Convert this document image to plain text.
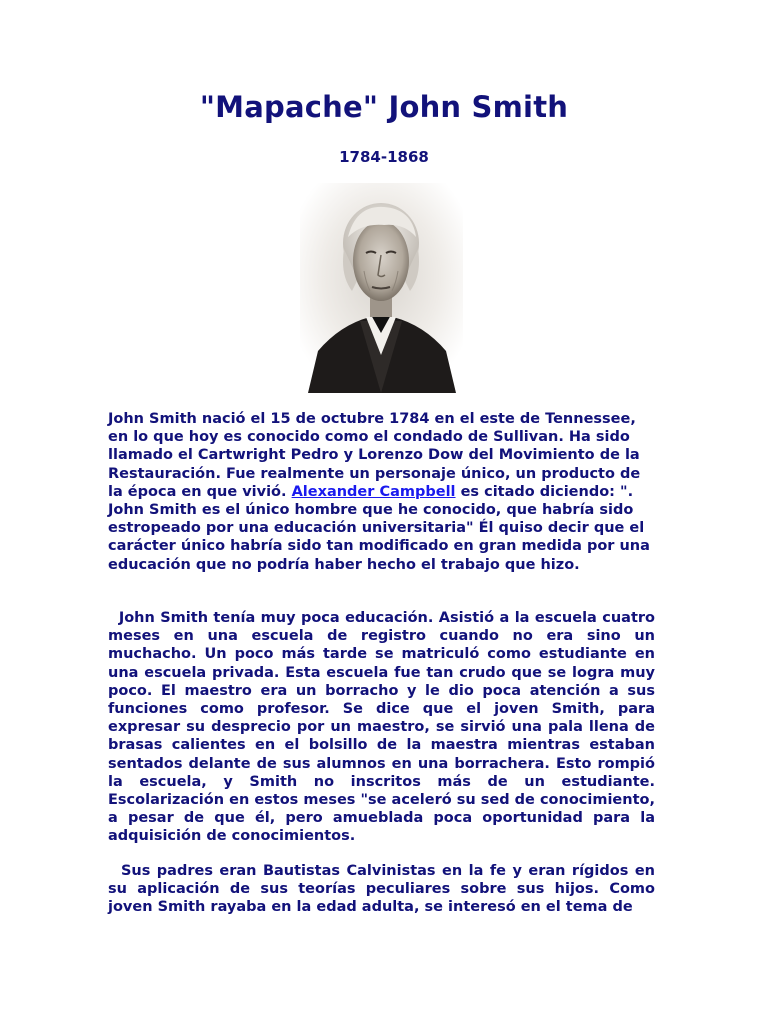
"Mapache" John Smith
1784-1868

John Smith nació el 15 de octubre 1784 en el este de Tennessee, en lo que hoy es conocido como el condado de Sullivan. Ha sido llamado el Cartwright Pedro y Lorenzo Dow del Movimiento de la Restauración. Fue realmente un personaje único, un producto de la época en que vivió. Alexander Campbell es citado diciendo: ". John Smith es el único hombre que he conocido, que habría sido estropeado por una educación universitaria" Él quiso decir que el carácter único habría sido tan modificado en gran medida por una educación que no podría haber hecho el trabajo que hizo.

John Smith tenía muy poca educación. Asistió a la escuela cuatro meses en una escuela de registro cuando no era sino un muchacho. Un poco más tarde se matriculó como estudiante en una escuela privada. Esta escuela fue tan crudo que se logra muy poco. El maestro era un borracho y le dio poca atención a sus funciones como profesor. Se dice que el joven Smith, para expresar su desprecio por un maestro, se sirvió una pala llena de brasas calientes en el bolsillo de la maestra mientras estaban sentados delante de sus alumnos en una borrachera. Esto rompió la escuela, y Smith no inscritos más de un estudiante. Escolarización en estos meses "se aceleró su sed de conocimiento, a pesar de que él, pero amueblada poca oportunidad para la adquisición de conocimientos.

Sus padres eran Bautistas Calvinistas en la fe y eran rígidos en su aplicación de sus teorías peculiares sobre sus hijos. Como joven Smith rayaba en la edad adulta, se interesó en el tema de
